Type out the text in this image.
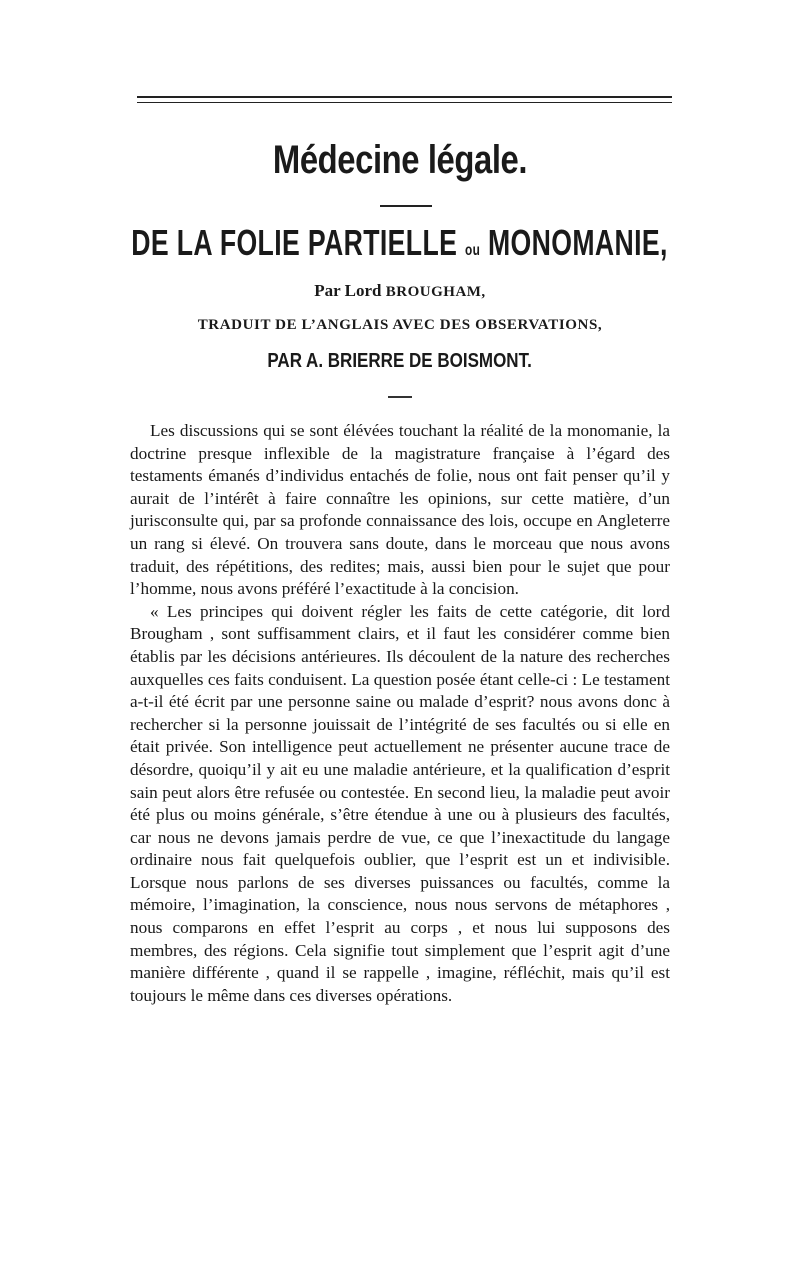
Médecine légale.
DE LA FOLIE PARTIELLE ou MONOMANIE,
Par Lord BROUGHAM,
TRADUIT DE L’ANGLAIS AVEC DES OBSERVATIONS,
PAR A. BRIERRE DE BOISMONT.

Les discussions qui se sont élévées touchant la réalité de la monomanie, la doctrine presque inflexible de la magistrature française à l’égard des testaments émanés d’individus entachés de folie, nous ont fait penser qu’il y aurait de l’intérêt à faire connaître les opinions, sur cette matière, d’un jurisconsulte qui, par sa profonde connaissance des lois, occupe en Angleterre un rang si élevé. On trouvera sans doute, dans le morceau que nous avons traduit, des répétitions, des redites; mais, aussi bien pour le sujet que pour l’homme, nous avons préféré l’exactitude à la concision.

« Les principes qui doivent régler les faits de cette catégorie, dit lord Brougham , sont suffisamment clairs, et il faut les considérer comme bien établis par les décisions antérieures. Ils découlent de la nature des recherches auxquelles ces faits conduisent. La question posée étant celle-ci : Le testament a-t-il été écrit par une personne saine ou malade d’esprit? nous avons donc à rechercher si la personne jouissait de l’intégrité de ses facultés ou si elle en était privée. Son intelligence peut actuellement ne présenter aucune trace de désordre, quoiqu’il y ait eu une maladie antérieure, et la qualification d’esprit sain peut alors être refusée ou contestée. En second lieu, la maladie peut avoir été plus ou moins générale, s’être étendue à une ou à plusieurs des facultés, car nous ne devons jamais perdre de vue, ce que l’inexactitude du langage ordinaire nous fait quelquefois oublier, que l’esprit est un et indivisible. Lorsque nous parlons de ses diverses puissances ou facultés, comme la mémoire, l’imagination, la conscience, nous nous servons de métaphores , nous comparons en effet l’esprit au corps , et nous lui supposons des membres, des régions. Cela signifie tout simplement que l’esprit agit d’une manière différente , quand il se rappelle , imagine, réfléchit, mais qu’il est toujours le même dans ces diverses opérations.
